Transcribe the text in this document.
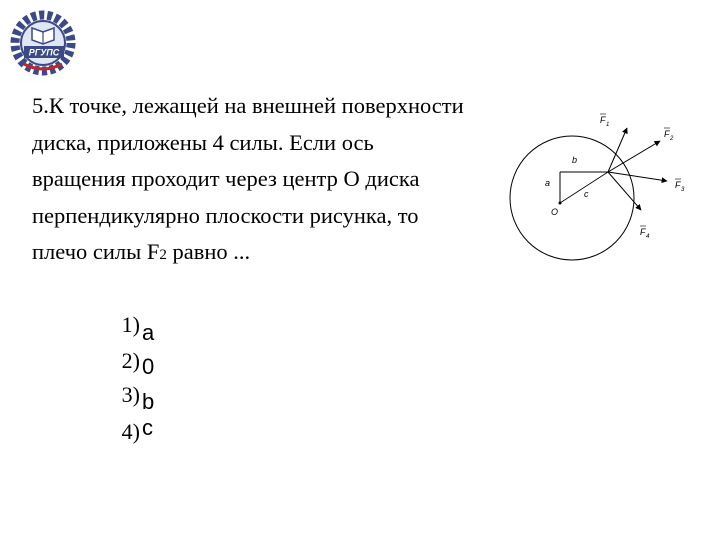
РГУПС

5.К точке, лежащей на внешней поверхности диска, приложены 4 силы. Если ось вращения проходит через центр О диска перпендикулярно плоскости рисунка, то плечо силы F2 равно ...

1) a
2) 0
3) b
4) c
F 1
F 2
F 3
F 4
a
b
c
O
